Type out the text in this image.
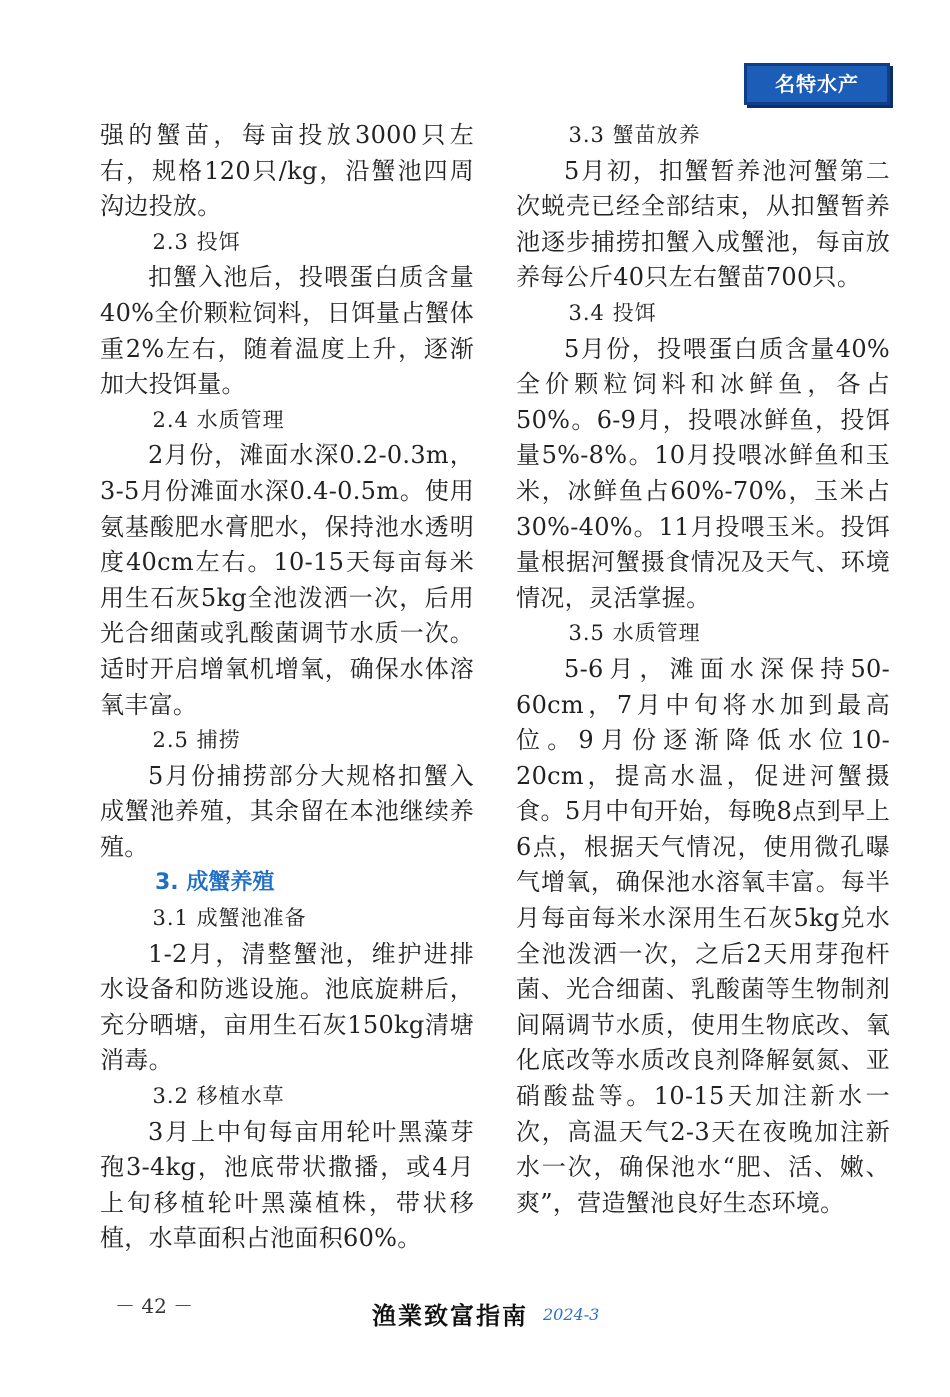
名特水产
强的蟹苗，每亩投放3000只左右，规格120只/kg，沿蟹池四周沟边投放。
2.3 投饵
扣蟹入池后，投喂蛋白质含量40%全价颗粒饲料，日饵量占蟹体重2%左右，随着温度上升，逐渐加大投饵量。
2.4 水质管理
2月份，滩面水深0.2-0.3m，3-5月份滩面水深0.4-0.5m。使用氨基酸肥水膏肥水，保持池水透明度40cm左右。10-15天每亩每米用生石灰5kg全池泼洒一次，后用光合细菌或乳酸菌调节水质一次。适时开启增氧机增氧，确保水体溶氧丰富。
2.5 捕捞
5月份捕捞部分大规格扣蟹入成蟹池养殖，其余留在本池继续养殖。
3. 成蟹养殖
3.1 成蟹池准备
1-2月，清整蟹池，维护进排水设备和防逃设施。池底旋耕后，充分晒塘，亩用生石灰150kg清塘消毒。
3.2 移植水草
3月上中旬每亩用轮叶黑藻芽孢3-4kg，池底带状撒播，或4月上旬移植轮叶黑藻植株，带状移植，水草面积占池面积60%。
3.3 蟹苗放养
5月初，扣蟹暂养池河蟹第二次蜕壳已经全部结束，从扣蟹暂养池逐步捕捞扣蟹入成蟹池，每亩放养每公斤40只左右蟹苗700只。
3.4 投饵
5月份，投喂蛋白质含量40%全价颗粒饲料和冰鲜鱼，各占50%。6-9月，投喂冰鲜鱼，投饵量5%-8%。10月投喂冰鲜鱼和玉米，冰鲜鱼占60%-70%，玉米占30%-40%。11月投喂玉米。投饵量根据河蟹摄食情况及天气、环境情况，灵活掌握。
3.5 水质管理
5-6月，滩面水深保持50-60cm，7月中旬将水加到最高位。9月份逐渐降低水位10-20cm，提高水温，促进河蟹摄食。5月中旬开始，每晚8点到早上6点，根据天气情况，使用微孔曝气增氧，确保池水溶氧丰富。每半月每亩每米水深用生石灰5kg兑水全池泼洒一次，之后2天用芽孢杆菌、光合细菌、乳酸菌等生物制剂间隔调节水质，使用生物底改、氧化底改等水质改良剂降解氨氮、亚硝酸盐等。10-15天加注新水一次，高温天气2-3天在夜晚加注新水一次，确保池水“肥、活、嫩、爽”，营造蟹池良好生态环境。
－ 42 －	渔業致富指南 2024-3
